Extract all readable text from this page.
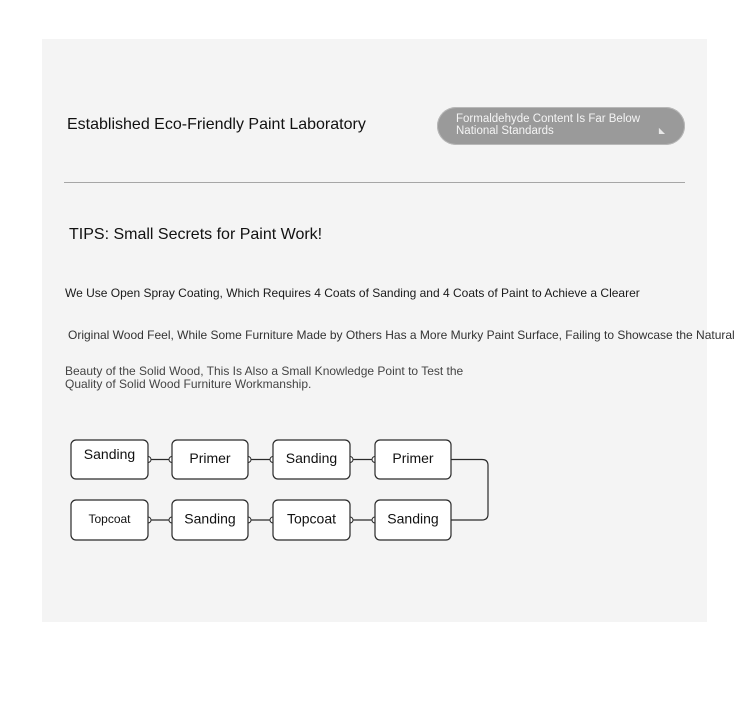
Established Eco-Friendly Paint Laboratory	Formaldehyde Content Is Far Below National Standards	◣
TIPS: Small Secrets for Paint Work!
We Use Open Spray Coating, Which Requires 4 Coats of Sanding and 4 Coats of Paint to Achieve a Clearer
Original Wood Feel, While Some Furniture Made by Others Has a More Murky Paint Surface, Failing to Showcase the Natural
Beauty of the Solid Wood, This Is Also a Small Knowledge Point to Test the Quality of Solid Wood Furniture Workmanship.
Sanding	Primer	Sanding	Primer
Sanding
Topcoat
Sanding
Topcoat
